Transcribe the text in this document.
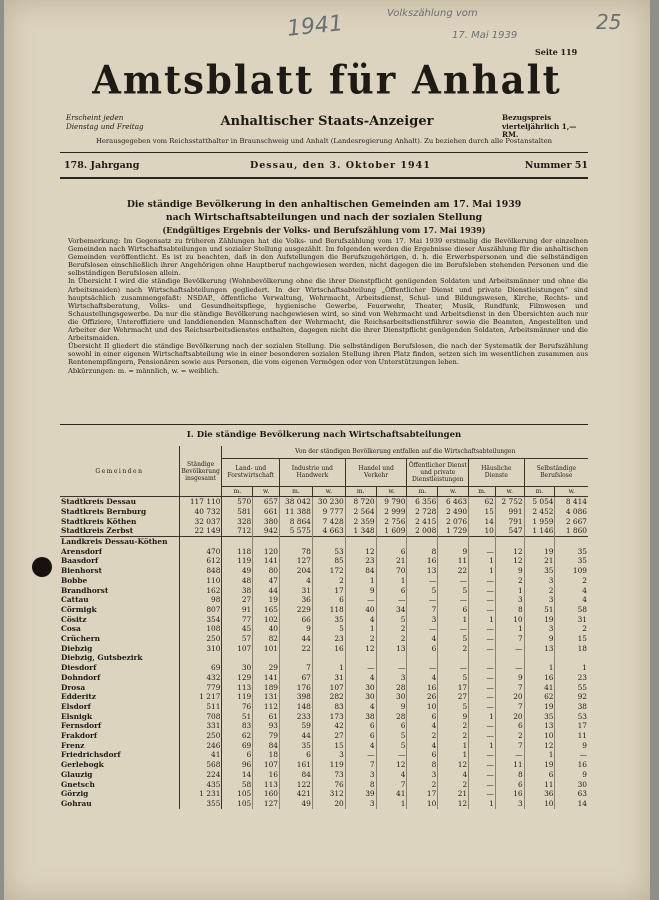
1941	Volkszählung vom
17. Mai 1939
25
Seite 119
Amtsblatt für Anhalt
Erscheint jeden Dienstag und Freitag	Anhaltischer Staats-Anzeiger	Bezugspreis vierteljährlich 1,— RM.
Herausgegeben vom Reichsstatthalter in Braunschweig und Anhalt (Landesregierung Anhalt). Zu beziehen durch alle Postanstalten
178. Jahrgang	Dessau, den 3. Oktober 1941	Nummer 51
Die ständige Bevölkerung in den anhaltischen Gemeinden am 17. Mai 1939
nach Wirtschaftsabteilungen und nach der sozialen Stellung
(Endgültiges Ergebnis der Volks- und Berufszählung vom 17. Mai 1939)

Vorbemerkung: Im Gegensatz zu früheren Zählungen hat die Volks- und Berufszählung vom 17. Mai 1939 erstmalig die Bevölkerung der einzelnen Gemeinden nach Wirtschaftsabteilungen und sozialer Stellung ausgezählt. Im folgenden werden die Ergebnisse dieser Auszählung für die anhaltischen Gemeinden veröffentlicht. Es ist zu beachten, daß in den Aufstellungen die Berufszugehörigen, d. h. die Erwerbspersonen und die selbständigen Berufslosen einschließlich ihrer Angehörigen ohne Hauptberuf nachgewiesen werden, nicht dagegen die im Berufsleben stehenden Personen und die selbständigen Berufslosen allein.

In Übersicht I wird die ständige Bevölkerung (Wohnbevölkerung ohne die ihrer Dienstpflicht genügenden Soldaten und Arbeitsmänner und ohne die Arbeitsmaiden) nach Wirtschaftsabteilungen gegliedert. In der Wirtschaftsabteilung „Öffentlicher Dienst und private Dienstleistungen“ sind hauptsächlich zusammengefaßt: NSDAP., öffentliche Verwaltung, Wehrmacht, Arbeitsdienst, Schul- und Bildungswesen, Kirche, Rechts- und Wirtschaftsberatung, Volks- und Gesundheitspflege, hygienische Gewerbe, Feuerwehr, Theater, Musik, Rundfunk, Filmwesen und Schaustellungsgewerbe. Da nur die ständige Bevölkerung nachgewiesen wird, so sind von Wehrmacht und Arbeitsdienst in den Übersichten auch nur die Offiziere, Unteroffiziere und landdienenden Mannschaften der Wehrmacht, die Reichsarbeitsdienstführer sowie die Beamten, Angestellten und Arbeiter der Wehrmacht und des Reichsarbeitsdienstes enthalten, dagegen nicht die ihrer Dienstpflicht genügenden Soldaten, Arbeitsmänner und die Arbeitsmaiden.

Übersicht II gliedert die ständige Bevölkerung nach der sozialen Stellung. Die selbständigen Berufslosen, die nach der Systematik der Berufszählung sowohl in einer eigenen Wirtschaftsabteilung wie in einer besonderen sozialen Stellung ihren Platz finden, setzen sich im wesentlichen zusammen aus Rentenempfängern, Pensionären sowie aus Personen, die vom eigenen Vermögen oder von Unterstützungen leben.

Abkürzungen: m. = männlich, w. = weiblich.

I. Die ständige Bevölkerung nach Wirtschaftsabteilungen
Gemeinden	Ständige Bevölkerung insgesamt	Von der ständigen Bevölkerung entfallen auf die Wirtschaftsabteilungen											
		Land- und Forstwirtschaft		Industrie und Handwerk		Handel und Verkehr		Öffentlicher Dienst und private Dienstleistungen		Häusliche Dienste		Selbständige Berufslose	
		m.	w.	m.	w.	m.	w.	m.	w.	m.	w.	m.	w.
Stadtkreis Dessau	117 110	570	657	38 042	30 230	8 720	9 790	6 356	6 463	62	2 752	5 054	8 414
Stadtkreis Bernburg	40 732	581	661	11 388	9 777	2 564	2 999	2 728	2 490	15	991	2 452	4 086
Stadtkreis Köthen	32 037	328	380	8 864	7 428	2 359	2 756	2 415	2 076	14	791	1 959	2 667
Stadtkreis Zerbst	22 149	712	942	5 575	4 663	1 348	1 609	2 008	1 729	10	547	1 146	1 860
Landkreis Dessau-Köthen													
Arensdorf	470	118	120	78	53	12	6	8	9	—	12	19	35
Baasdorf	612	119	141	127	85	23	21	16	11	1	12	21	35
Bienhorst	848	49	80	204	172	84	70	13	22	1	9	35	109
Bobbe	110	48	47	4	2	1	1	—	—	—	2	3	2
Brandhorst	162	38	44	31	17	9	6	5	5	—	1	2	4
Cattau	98	27	19	36	6	—	—	—	—	—	3	3	4
Cörmigk	807	91	165	229	118	40	34	7	6	—	8	51	58
Cösitz	354	77	102	66	35	4	5	3	1	1	10	19	31
Cosa	108	45	40	9	5	1	2	—	—	—	1	3	2
Crüchern	250	57	82	44	23	2	2	4	5	—	7	9	15
Diebzig	310	107	101	22	16	12	13	6	2	—	—	13	18
Diebzig, Gutsbezirk													
Diesdorf	69	30	29	7	1	—	—	—	—	—	—	1	1
Dohndorf	432	129	141	67	31	4	3	4	5	—	9	16	23
Drosa	779	113	189	176	107	30	28	16	17	—	7	41	55
Edderitz	1 217	119	131	398	282	30	30	26	27	—	20	62	92
Elsdorf	511	76	112	148	83	4	9	10	5	—	7	19	38
Elsnigk	708	51	61	233	173	38	28	6	9	1	20	35	53
Fernsdorf	331	83	93	59	42	6	6	4	2	—	6	13	17
Frakdorf	250	62	79	44	27	6	5	2	2	—	2	10	11
Frenz	246	69	84	35	15	4	5	4	1	1	7	12	9
Friedrichsdorf	41	6	18	6	3	—	—	6	1	—	—	1	—
Gerlebogk	568	96	107	161	119	7	12	8	12	—	11	19	16
Glauzig	224	14	16	84	73	3	4	3	4	—	8	6	9
Gnetsch	435	58	113	122	76	8	7	2	2	—	6	11	30
Görzig	1 231	105	160	421	312	39	41	17	21	—	16	36	63
Gohrau	355	105	127	49	20	3	1	10	12	1	3	10	14
